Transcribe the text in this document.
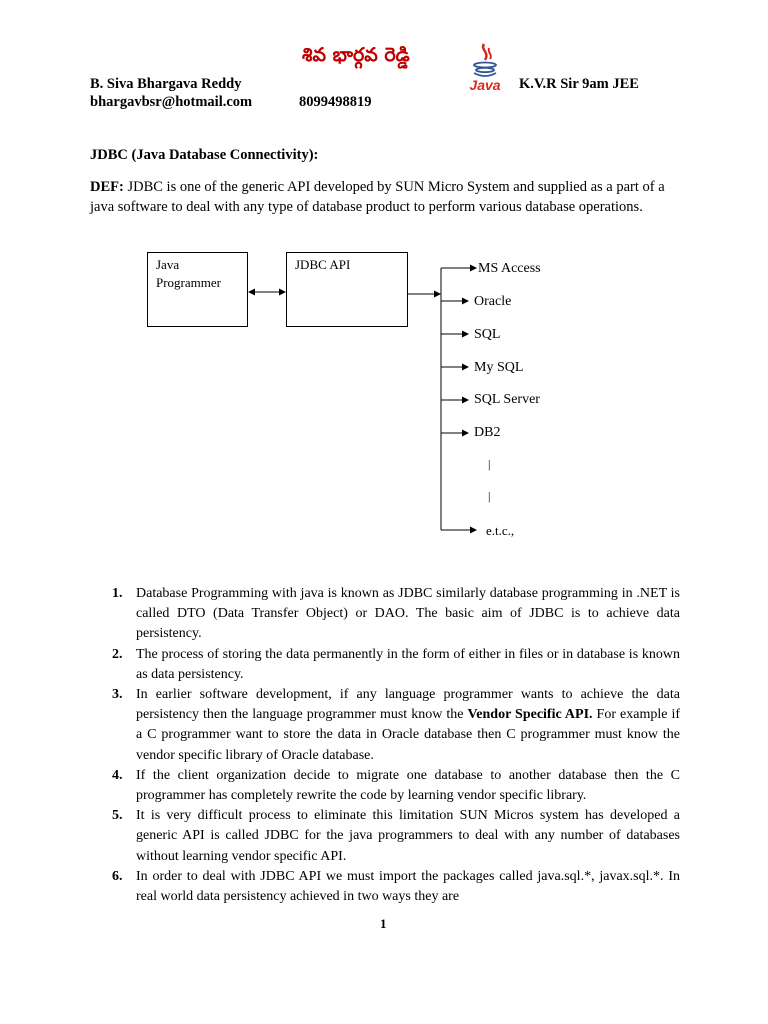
శివ భార్గవ రెడ్డి
B. Siva Bhargava Reddy
bhargavbsr@hotmail.com	8099498819
Java K.V.R Sir 9am JEE
JDBC (Java Database Connectivity):
DEF: JDBC is one of the generic API developed by SUN Micro System and supplied as a part of a java software to deal with any type of database product to perform various database operations.
Java Programmer
JDBC API	MS Access
Oracle
SQL
My SQL
SQL Server
DB2
|
|
e.t.c.,
1. Database Programming with java is known as JDBC similarly database programming in .NET is called DTO (Data Transfer Object) or DAO. The basic aim of JDBC is to achieve data persistency.
2. The process of storing the data permanently in the form of either in files or in database is known as data persistency.
3. In earlier software development, if any language programmer wants to achieve the data persistency then the language programmer must know the Vendor Specific API. For example if a C programmer want to store the data in Oracle database then C programmer must know the vendor specific library of Oracle database.
4. If the client organization decide to migrate one database to another database then the C programmer has completely rewrite the code by learning vendor specific library.
5. It is very difficult process to eliminate this limitation SUN Micros system has developed a generic API is called JDBC for the java programmers to deal with any number of databases without learning vendor specific API.
6. In order to deal with JDBC API we must import the packages called java.sql.*, javax.sql.*. In real world data persistency achieved in two ways they are
1
